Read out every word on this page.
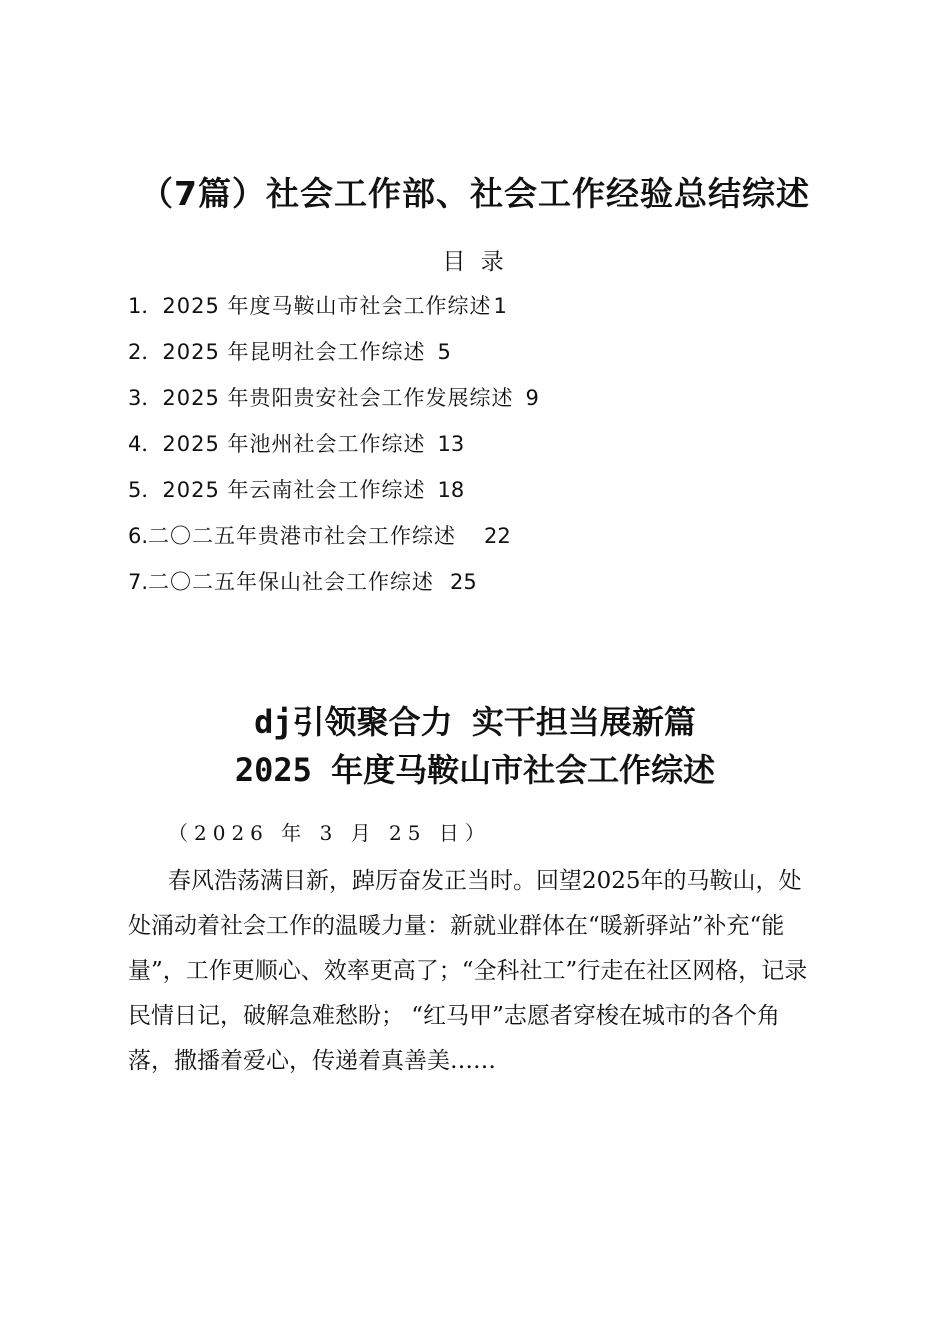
（7篇）社会工作部、社会工作经验总结综述
目 录
1．2025 年度马鞍山市社会工作综述1
2．2025 年昆明社会工作综述 5
3．2025 年贵阳贵安社会工作发展综述 9
4．2025 年池州社会工作综述 13
5．2025 年云南社会工作综述 18
6.二〇二五年贵港市社会工作综述 22
7.二〇二五年保山社会工作综述 25
dj引领聚合力 实干担当展新篇
2025 年度马鞍山市社会工作综述
（2026 年 3 月 25 日）

春风浩荡满目新，踔厉奋发正当时。回望2025年的马鞍山，处处涌动着社会工作的温暖力量：新就业群体在“暖新驿站”补充“能量”，工作更顺心、效率更高了；“全科社工”行走在社区网格，记录民情日记，破解急难愁盼； “红马甲”志愿者穿梭在城市的各个角落，撒播着爱心，传递着真善美……
